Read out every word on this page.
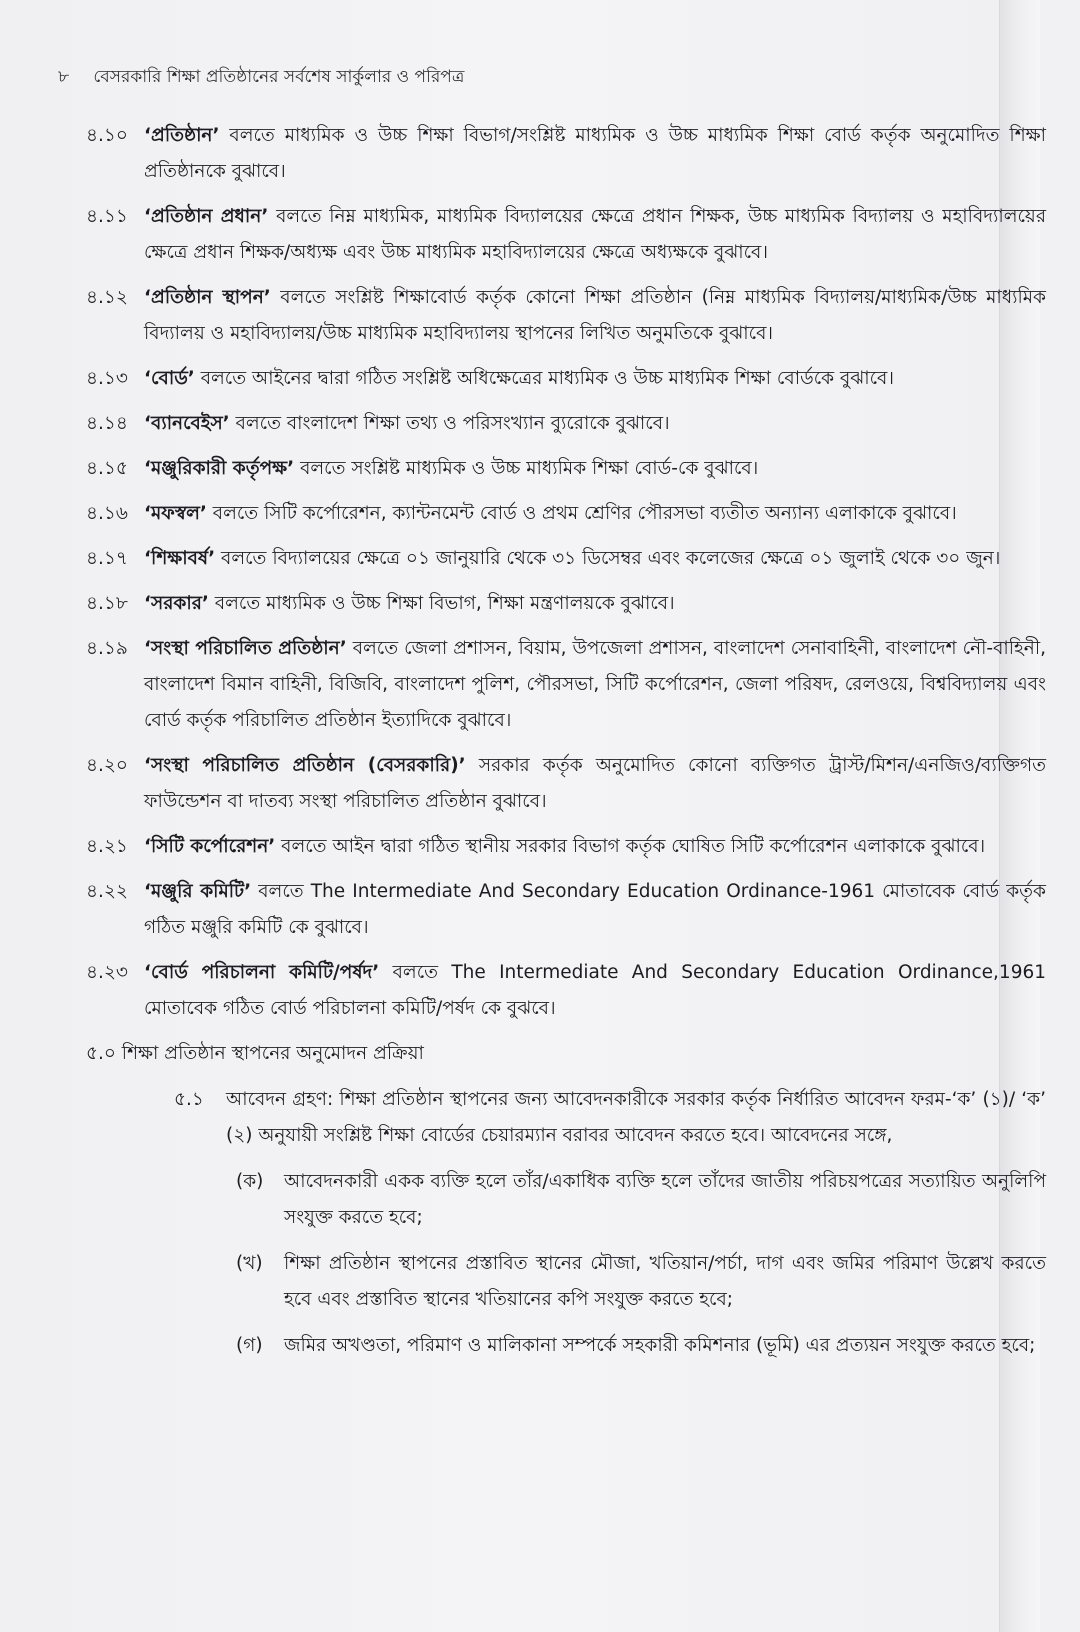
৮ বেসরকারি শিক্ষা প্রতিষ্ঠানের সর্বশেষ সার্কুলার ও পরিপত্র
৪.১০ ‘প্রতিষ্ঠান’ বলতে মাধ্যমিক ও উচ্চ শিক্ষা বিভাগ/সংশ্লিষ্ট মাধ্যমিক ও উচ্চ মাধ্যমিক শিক্ষা বোর্ড কর্তৃক অনুমোদিত শিক্ষা প্রতিষ্ঠানকে বুঝাবে।
৪.১১ ‘প্রতিষ্ঠান প্রধান’ বলতে নিম্ন মাধ্যমিক, মাধ্যমিক বিদ্যালয়ের ক্ষেত্রে প্রধান শিক্ষক, উচ্চ মাধ্যমিক বিদ্যালয় ও মহাবিদ্যালয়ের ক্ষেত্রে প্রধান শিক্ষক/অধ্যক্ষ এবং উচ্চ মাধ্যমিক মহাবিদ্যালয়ের ক্ষেত্রে অধ্যক্ষকে বুঝাবে।
৪.১২ ‘প্রতিষ্ঠান স্থাপন’ বলতে সংশ্লিষ্ট শিক্ষাবোর্ড কর্তৃক কোনো শিক্ষা প্রতিষ্ঠান (নিম্ন মাধ্যমিক বিদ্যালয়/মাধ্যমিক/উচ্চ মাধ্যমিক বিদ্যালয় ও মহাবিদ্যালয়/উচ্চ মাধ্যমিক মহাবিদ্যালয় স্থাপনের লিখিত অনুমতিকে বুঝাবে।
৪.১৩ ‘বোর্ড’ বলতে আইনের দ্বারা গঠিত সংশ্লিষ্ট অধিক্ষেত্রের মাধ্যমিক ও উচ্চ মাধ্যমিক শিক্ষা বোর্ডকে বুঝাবে।
৪.১৪ ‘ব্যানবেইস’ বলতে বাংলাদেশ শিক্ষা তথ্য ও পরিসংখ্যান ব্যুরোকে বুঝাবে।
৪.১৫ ‘মঞ্জুরিকারী কর্তৃপক্ষ’ বলতে সংশ্লিষ্ট মাধ্যমিক ও উচ্চ মাধ্যমিক শিক্ষা বোর্ড-কে বুঝাবে।
৪.১৬ ‘মফস্বল’ বলতে সিটি কর্পোরেশন, ক্যান্টনমেন্ট বোর্ড ও প্রথম শ্রেণির পৌরসভা ব্যতীত অন্যান্য এলাকাকে বুঝাবে।
৪.১৭ ‘শিক্ষাবর্ষ’ বলতে বিদ্যালয়ের ক্ষেত্রে ০১ জানুয়ারি থেকে ৩১ ডিসেম্বর এবং কলেজের ক্ষেত্রে ০১ জুলাই থেকে ৩০ জুন।
৪.১৮ ‘সরকার’ বলতে মাধ্যমিক ও উচ্চ শিক্ষা বিভাগ, শিক্ষা মন্ত্রণালয়কে বুঝাবে।
৪.১৯ ‘সংস্থা পরিচালিত প্রতিষ্ঠান’ বলতে জেলা প্রশাসন, বিয়াম, উপজেলা প্রশাসন, বাংলাদেশ সেনাবাহিনী, বাংলাদেশ নৌ-বাহিনী, বাংলাদেশ বিমান বাহিনী, বিজিবি, বাংলাদেশ পুলিশ, পৌরসভা, সিটি কর্পোরেশন, জেলা পরিষদ, রেলওয়ে, বিশ্ববিদ্যালয় এবং বোর্ড কর্তৃক পরিচালিত প্রতিষ্ঠান ইত্যাদিকে বুঝাবে।
৪.২০ ‘সংস্থা পরিচালিত প্রতিষ্ঠান (বেসরকারি)’ সরকার কর্তৃক অনুমোদিত কোনো ব্যক্তিগত ট্রাস্ট/মিশন/এনজিও/ব্যক্তিগত ফাউন্ডেশন বা দাতব্য সংস্থা পরিচালিত প্রতিষ্ঠান বুঝাবে।
৪.২১ ‘সিটি কর্পোরেশন’ বলতে আইন দ্বারা গঠিত স্থানীয় সরকার বিভাগ কর্তৃক ঘোষিত সিটি কর্পোরেশন এলাকাকে বুঝাবে।
৪.২২ ‘মঞ্জুরি কমিটি’ বলতে The Intermediate And Secondary Education Ordinance-1961 মোতাবেক বোর্ড কর্তৃক গঠিত মঞ্জুরি কমিটি কে বুঝাবে।
৪.২৩ ‘বোর্ড পরিচালনা কমিটি/পর্ষদ’ বলতে The Intermediate And Secondary Education Ordinance,1961 মোতাবেক গঠিত বোর্ড পরিচালনা কমিটি/পর্ষদ কে বুঝবে।
৫.০ শিক্ষা প্রতিষ্ঠান স্থাপনের অনুমোদন প্রক্রিয়া
৫.১ আবেদন গ্রহণ: শিক্ষা প্রতিষ্ঠান স্থাপনের জন্য আবেদনকারীকে সরকার কর্তৃক নির্ধারিত আবেদন ফরম-‘ক’ (১)/ ‘ক’ (২) অনুযায়ী সংশ্লিষ্ট শিক্ষা বোর্ডের চেয়ারম্যান বরাবর আবেদন করতে হবে। আবেদনের সঙ্গে,
(ক) আবেদনকারী একক ব্যক্তি হলে তাঁর/একাধিক ব্যক্তি হলে তাঁদের জাতীয় পরিচয়পত্রের সত্যায়িত অনুলিপি সংযুক্ত করতে হবে;
(খ) শিক্ষা প্রতিষ্ঠান স্থাপনের প্রস্তাবিত স্থানের মৌজা, খতিয়ান/পর্চা, দাগ এবং জমির পরিমাণ উল্লেখ করতে হবে এবং প্রস্তাবিত স্থানের খতিয়ানের কপি সংযুক্ত করতে হবে;
(গ) জমির অখণ্ডতা, পরিমাণ ও মালিকানা সম্পর্কে সহকারী কমিশনার (ভূমি) এর প্রত্যয়ন সংযুক্ত করতে হবে;
